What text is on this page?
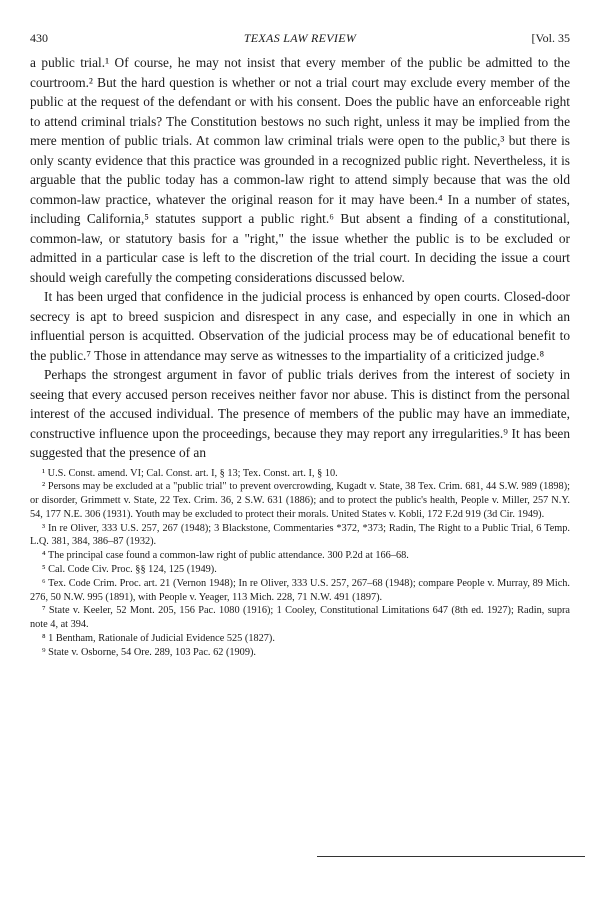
430	TEXAS LAW REVIEW	[Vol. 35

a public trial.¹ Of course, he may not insist that every member of the public be admitted to the courtroom.² But the hard question is whether or not a trial court may exclude every member of the public at the request of the defendant or with his consent. Does the public have an enforceable right to attend criminal trials? The Constitution bestows no such right, unless it may be implied from the mere mention of public trials. At common law criminal trials were open to the public,³ but there is only scanty evidence that this practice was grounded in a recognized public right. Nevertheless, it is arguable that the public today has a common-law right to attend simply because that was the old common-law practice, whatever the original reason for it may have been.⁴ In a number of states, including California,⁵ statutes support a public right.⁶ But absent a finding of a constitutional, common-law, or statutory basis for a "right," the issue whether the public is to be excluded or admitted in a particular case is left to the discretion of the trial court. In deciding the issue a court should weigh carefully the competing considerations discussed below.

It has been urged that confidence in the judicial process is enhanced by open courts. Closed-door secrecy is apt to breed suspicion and disrespect in any case, and especially in one in which an influential person is acquitted. Observation of the judicial process may be of educational benefit to the public.⁷ Those in attendance may serve as witnesses to the impartiality of a criticized judge.⁸

Perhaps the strongest argument in favor of public trials derives from the interest of society in seeing that every accused person receives neither favor nor abuse. This is distinct from the personal interest of the accused individual. The presence of members of the public may have an immediate, constructive influence upon the proceedings, because they may report any irregularities.⁹ It has been suggested that the presence of an

¹ U.S. Const. amend. VI; Cal. Const. art. I, § 13; Tex. Const. art. I, § 10.

² Persons may be excluded at a "public trial" to prevent overcrowding, Kugadt v. State, 38 Tex. Crim. 681, 44 S.W. 989 (1898); or disorder, Grimmett v. State, 22 Tex. Crim. 36, 2 S.W. 631 (1886); and to protect the public's health, People v. Miller, 257 N.Y. 54, 177 N.E. 306 (1931). Youth may be excluded to protect their morals. United States v. Kobli, 172 F.2d 919 (3d Cir. 1949).

³ In re Oliver, 333 U.S. 257, 267 (1948); 3 Blackstone, Commentaries *372, *373; Radin, The Right to a Public Trial, 6 Temp. L.Q. 381, 384, 386–87 (1932).

⁴ The principal case found a common-law right of public attendance. 300 P.2d at 166–68.

⁵ Cal. Code Civ. Proc. §§ 124, 125 (1949).

⁶ Tex. Code Crim. Proc. art. 21 (Vernon 1948); In re Oliver, 333 U.S. 257, 267–68 (1948); compare People v. Murray, 89 Mich. 276, 50 N.W. 995 (1891), with People v. Yeager, 113 Mich. 228, 71 N.W. 491 (1897).

⁷ State v. Keeler, 52 Mont. 205, 156 Pac. 1080 (1916); 1 Cooley, Constitutional Limitations 647 (8th ed. 1927); Radin, supra note 4, at 394.

⁸ 1 Bentham, Rationale of Judicial Evidence 525 (1827).

⁹ State v. Osborne, 54 Ore. 289, 103 Pac. 62 (1909).
